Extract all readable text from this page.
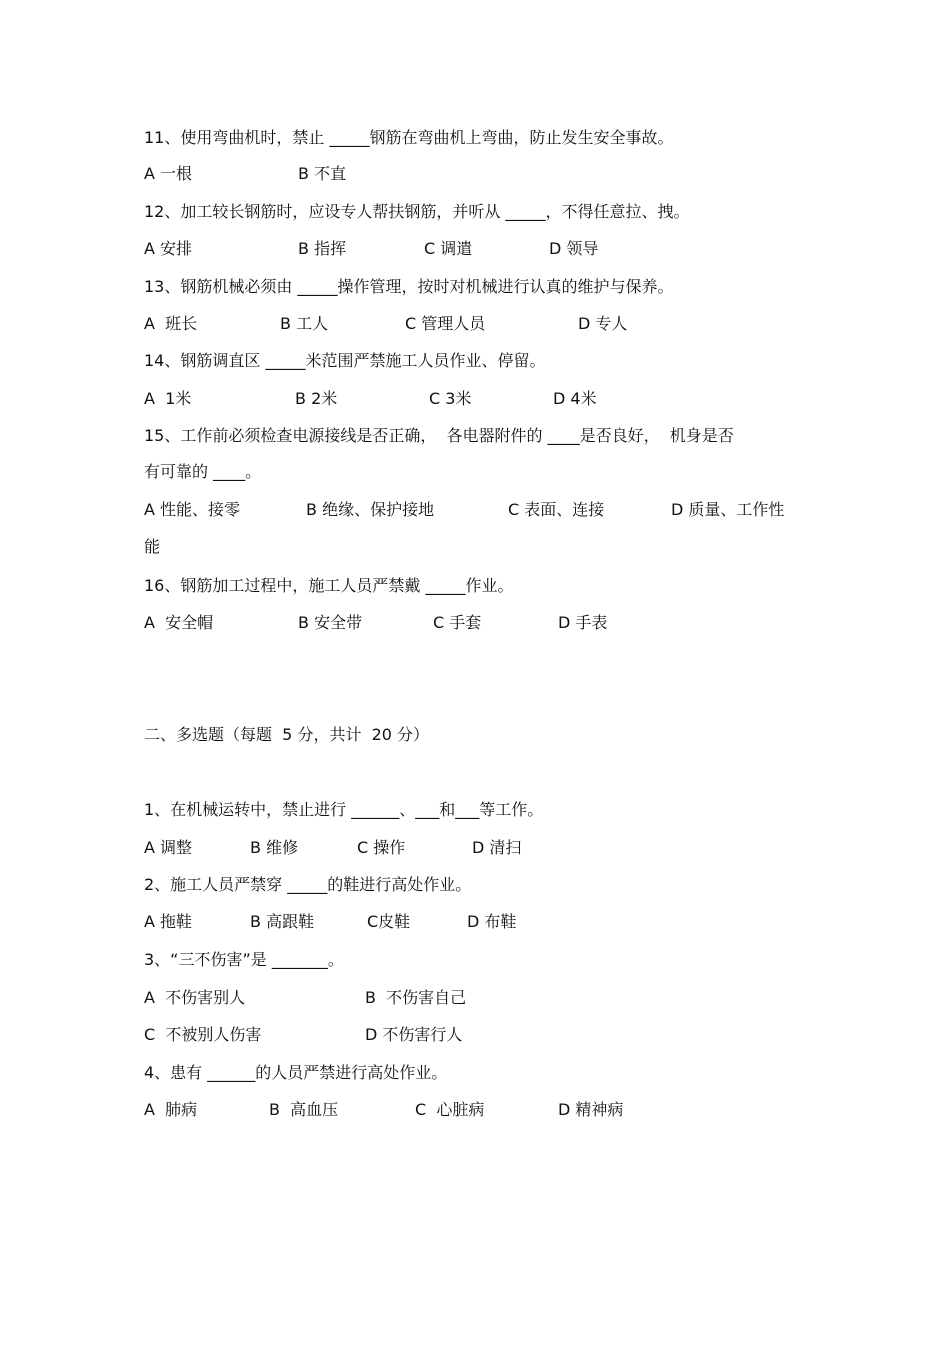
11、使用弯曲机时，禁止 _____钢筋在弯曲机上弯曲，防止发生安全事故。
A 一根	B 不直
12、加工较长钢筋时，应设专人帮扶钢筋，并听从 _____，不得任意拉、拽。
A 安排	B 指挥	C 调遣	D 领导
13、钢筋机械必须由 _____操作管理，按时对机械进行认真的维护与保养。
A  班长	B 工人	C 管理人员	D 专人
14、钢筋调直区 _____米范围严禁施工人员作业、停留。
A  1米	B 2米	C 3米	D 4米
15、工作前必须检查电源接线是否正确，  各电器附件的 ____是否良好，  机身是否
有可靠的 ____。
A 性能、接零	B 绝缘、保护接地	C 表面、连接	D 质量、工作性
能
16、钢筋加工过程中，施工人员严禁戴 _____作业。
A  安全帽	B 安全带	C 手套	D 手表
二、多选题（每题  5 分，共计  20 分）
1、在机械运转中，禁止进行 ______、___和___等工作。
A 调整	B 维修	C 操作	D 清扫
2、施工人员严禁穿 _____的鞋进行高处作业。
A 拖鞋	B 高跟鞋	C皮鞋	D 布鞋
3、“三不伤害”是 _______。
A  不伤害别人	B  不伤害自己
C  不被别人伤害	D 不伤害行人
4、患有 ______的人员严禁进行高处作业。
A  肺病	B  高血压	C  心脏病	D 精神病
